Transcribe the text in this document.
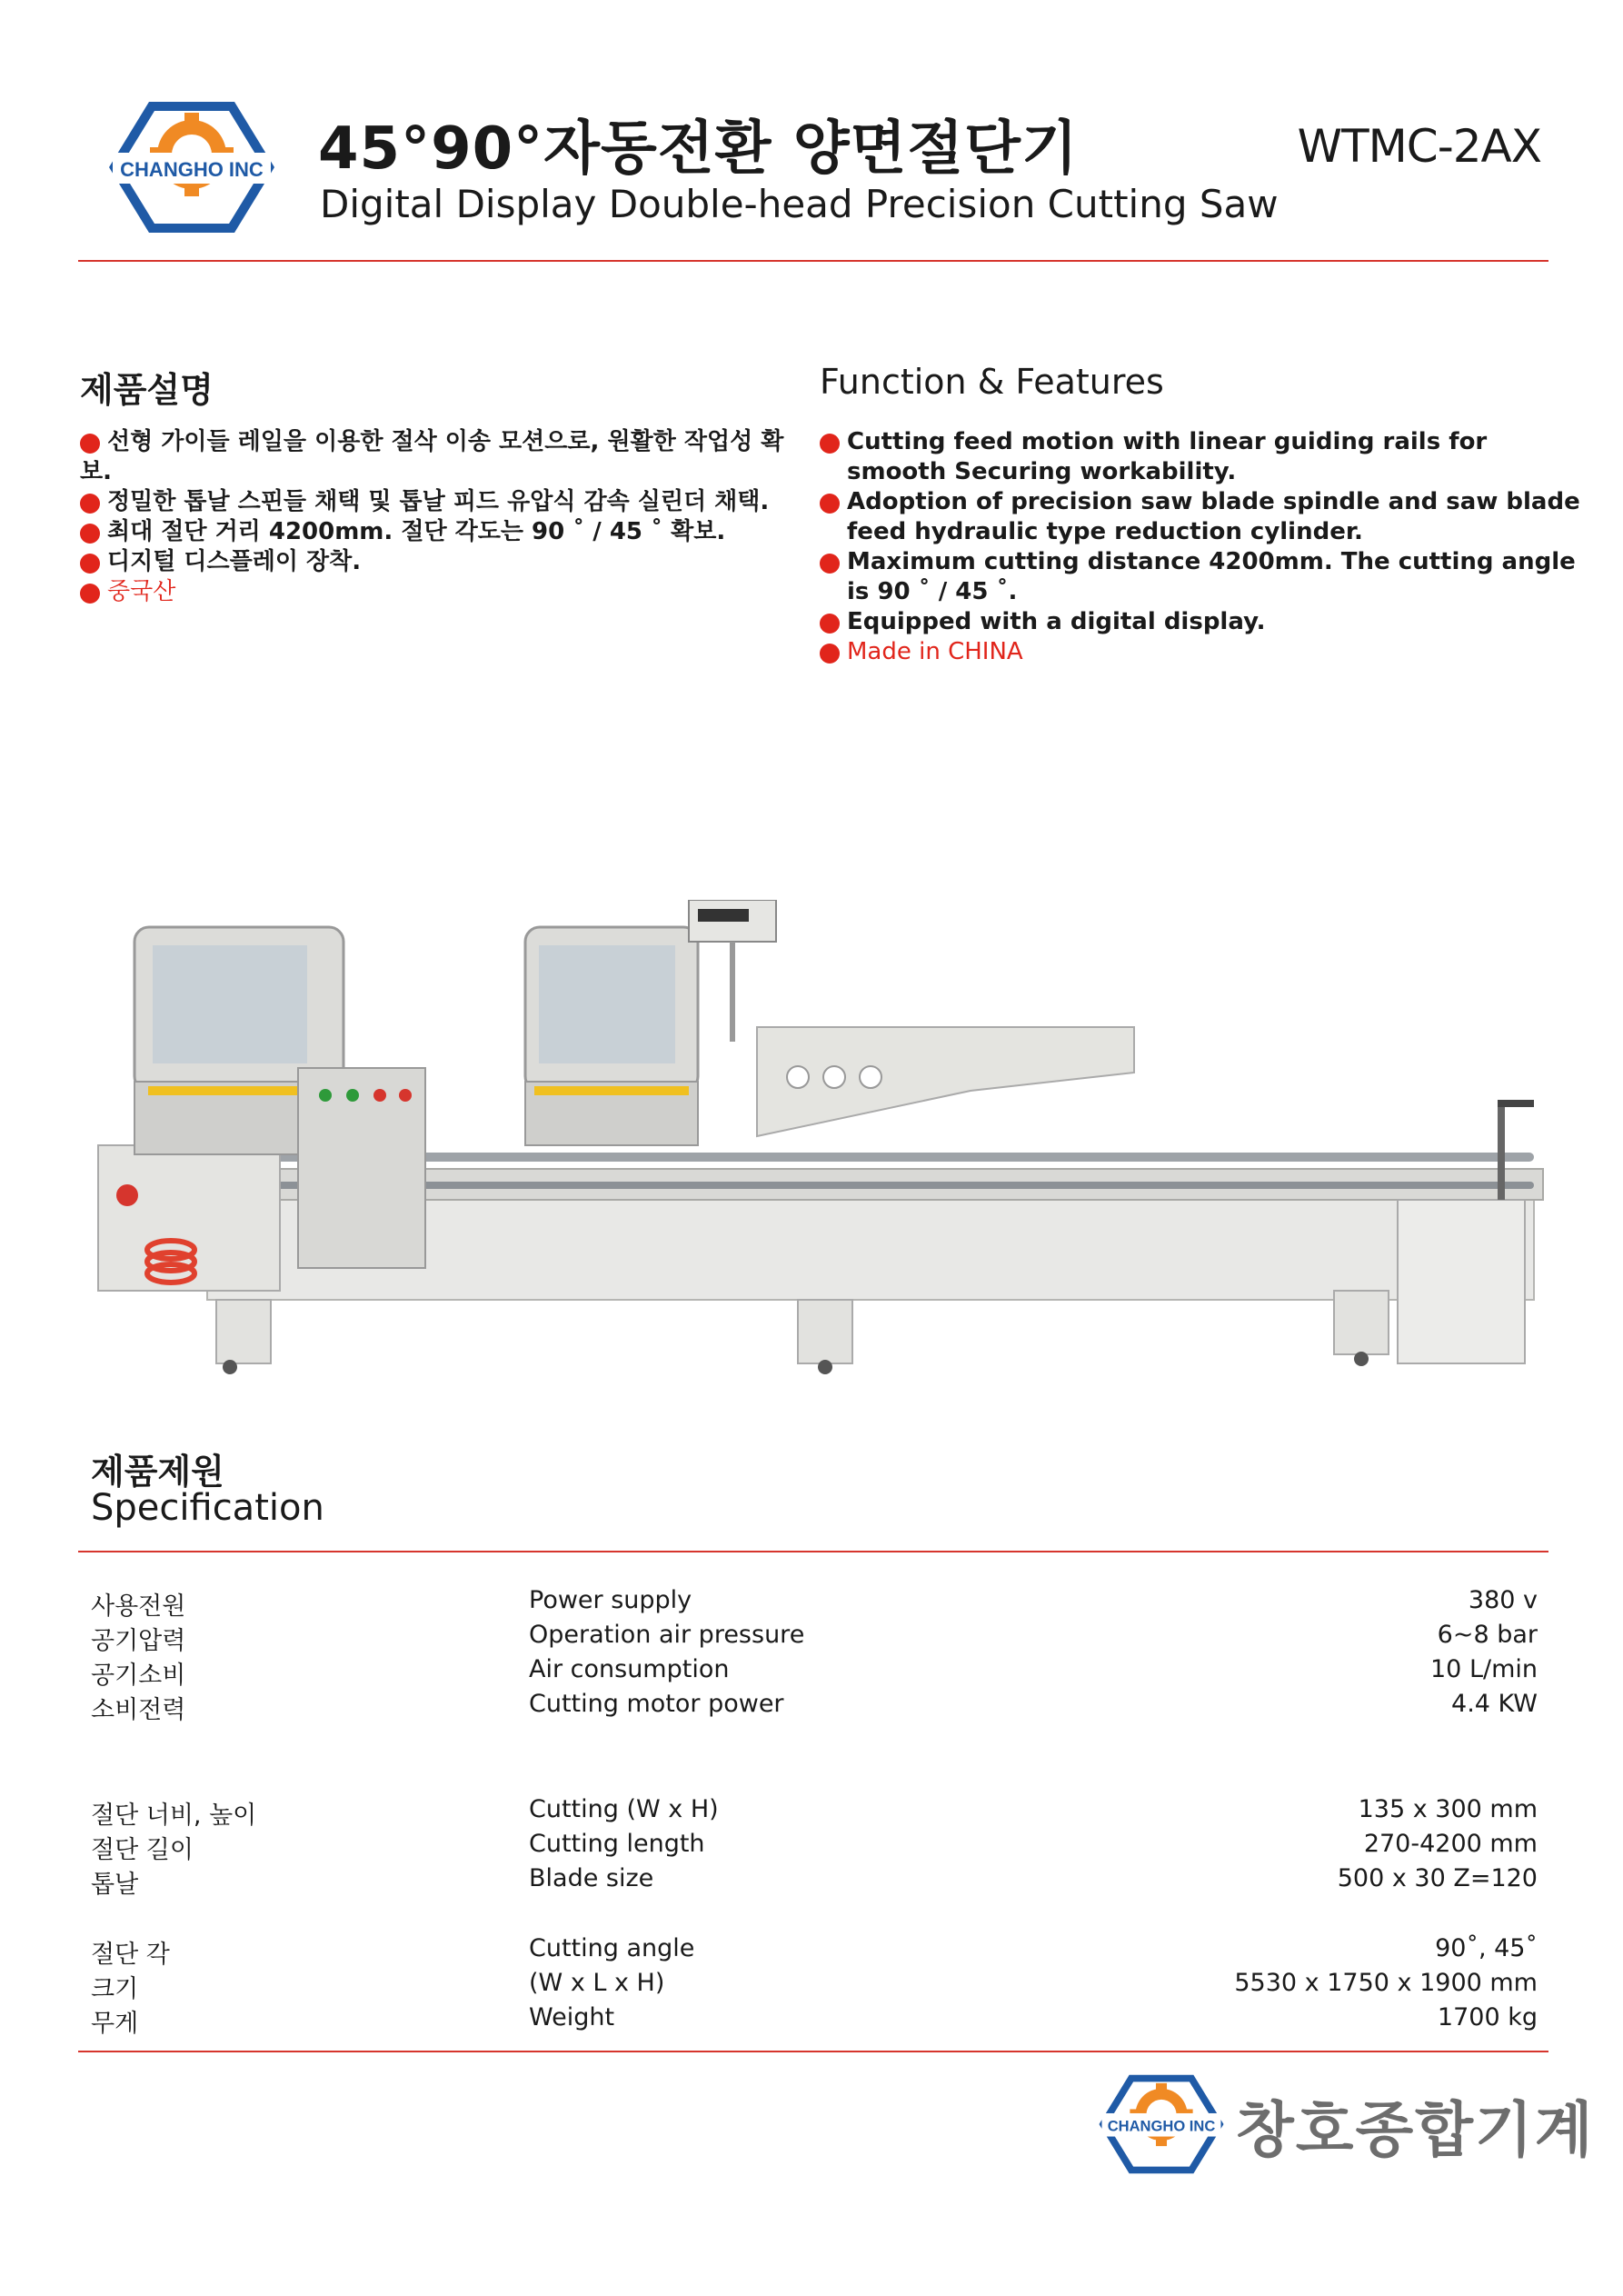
CHANGHO INC 45°90°자동전환 양면절단기
Digital Display Double-head Precision Cutting Saw
WTMC-2AX
제품설명	Function & Features
선형 가이들 레일을 이용한 절삭 이송 모션으로, 원활한 작업성 확보.
정밀한 톱날 스핀들 채택 및 톱날 피드 유압식 감속 실린더 채택.
최대 절단 거리 4200mm. 절단 각도는 90 ˚ / 45 ˚ 확보.
디지털 디스플레이 장착.
중국산
Cutting feed motion with linear guiding rails for smooth Securing workability.
Adoption of precision saw blade spindle and saw blade feed hydraulic type reduction cylinder.
Maximum cutting distance 4200mm. The cutting angle is 90 ˚ / 45 ˚.
Equipped with a digital display.
Made in CHINA
제품제원
Specification
사용전원	Power supply	380 v
공기압력	Operation air pressure	6~8 bar
공기소비	Air consumption	10 L/min
소비전력	Cutting motor power	4.4 KW
절단 너비, 높이	Cutting (W x H)	135 x 300 mm
절단 길이	Cutting length	270-4200 mm
톱날	Blade size	500 x 30 Z=120
절단 각	Cutting angle	90˚, 45˚
크기	(W x L x H)	5530 x 1750 x 1900 mm
무게	Weight	1700 kg
CHANGHO INC 창호종합기계
